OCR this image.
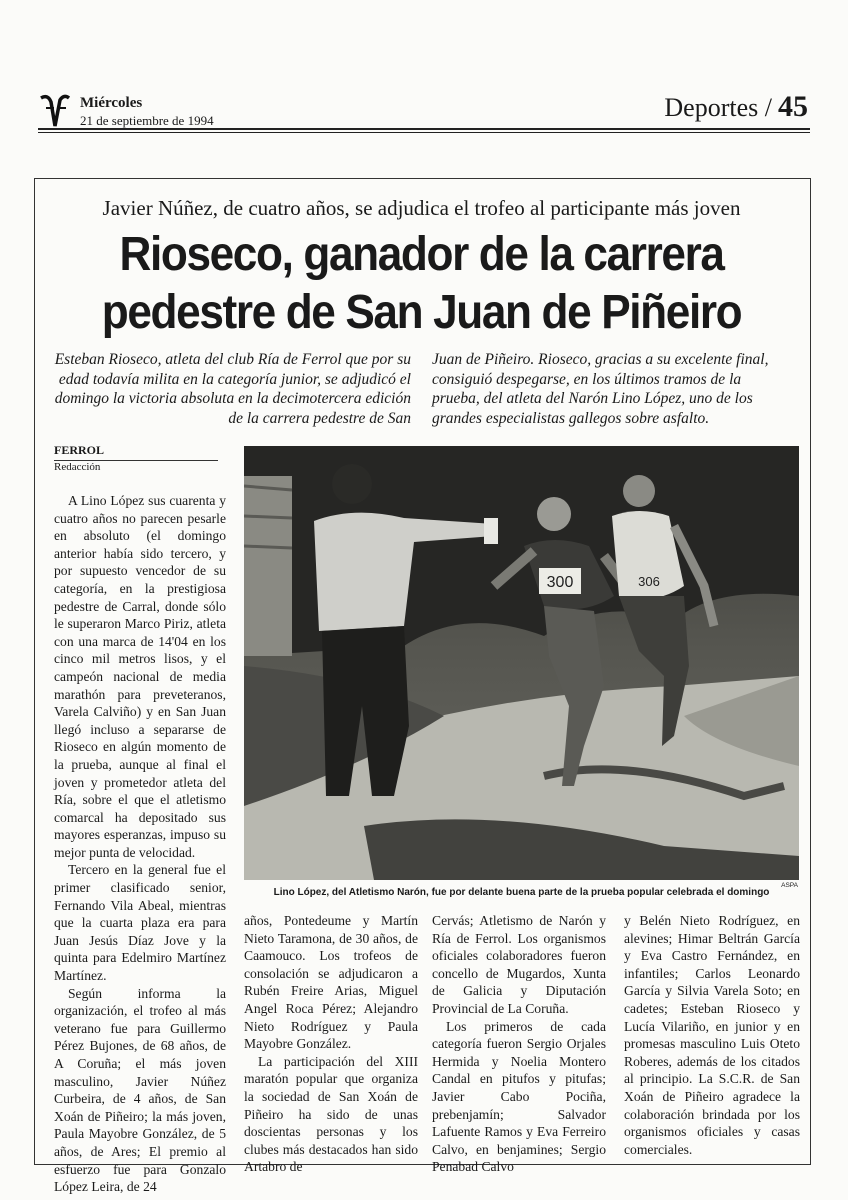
Miércoles
21 de septiembre de 1994	Deportes / 45
Javier Núñez, de cuatro años, se adjudica el trofeo al participante más joven
Rioseco, ganador de la carrera
pedestre de San Juan de Piñeiro
Esteban Rioseco, atleta del club Ría de Ferrol que por su edad todavía milita en la categoría junior, se adjudicó el domingo la victoria absoluta en la decimotercera edición de la carrera pedestre de San
Juan de Piñeiro. Rioseco, gracias a su excelente final, consiguió despegarse, en los últimos tramos de la prueba, del atleta del Narón Lino López, uno de los grandes especialistas gallegos sobre asfalto.
FERROL
Redacción

A Lino López sus cuarenta y cuatro años no parecen pesarle en absoluto (el domingo anterior había sido tercero, y por supuesto vencedor de su categoría, en la prestigiosa pedestre de Carral, donde sólo le superaron Marco Piriz, atleta con una marca de 14'04 en los cinco mil metros lisos, y el campeón nacional de media marathón para preveteranos, Varela Calviño) y en San Juan llegó incluso a separarse de Rioseco en algún momento de la prueba, aunque al final el joven y prometedor atleta del Ría, sobre el que el atletismo comarcal ha depositado sus mayores esperanzas, impuso su mejor punta de velocidad.

Tercero en la general fue el primer clasificado senior, Fernando Vila Abeal, mientras que la cuarta plaza era para Juan Jesús Díaz Jove y la quinta para Edelmiro Martínez Martínez.

Según informa la organización, el trofeo al más veterano fue para Guillermo Pérez Bujones, de 68 años, de A Coruña; el más joven masculino, Javier Núñez Curbeira, de 4 años, de San Xoán de Piñeiro; la más joven, Paula Mayobre González, de 5 años, de Ares; El premio al esfuerzo fue para Gonzalo López Leira, de 24

300	306
ASPA
Lino López, del Atletismo Narón, fue por delante buena parte de la prueba popular celebrada el domingo

años, Pontedeume y Martín Nieto Taramona, de 30 años, de Caamouco. Los trofeos de consolación se adjudicaron a Rubén Freire Arias, Miguel Angel Roca Pérez; Alejandro Nieto Rodríguez y Paula Mayobre González.

La participación del XIII maratón popular que organiza la sociedad de San Xoán de Piñeiro ha sido de unas doscientas personas y los clubes más destacados han sido Artabro de

Cervás; Atletismo de Narón y Ría de Ferrol. Los organismos oficiales colaboradores fueron concello de Mugardos, Xunta de Galicia y Diputación Provincial de La Coruña.

Los primeros de cada categoría fueron Sergio Orjales Hermida y Noelia Montero Candal en pitufos y pitufas; Javier Cabo Pociña, prebenjamín; Salvador Lafuente Ramos y Eva Ferreiro Calvo, en benjamines; Sergio Penabad Calvo

y Belén Nieto Rodríguez, en alevines; Himar Beltrán García y Eva Castro Fernández, en infantiles; Carlos Leonardo García y Silvia Varela Soto; en cadetes; Esteban Rioseco y Lucía Vilariño, en junior y en promesas masculino Luis Oteto Roberes, además de los citados al principio. La S.C.R. de San Xoán de Piñeiro agradece la colaboración brindada por los organismos oficiales y casas comerciales.
